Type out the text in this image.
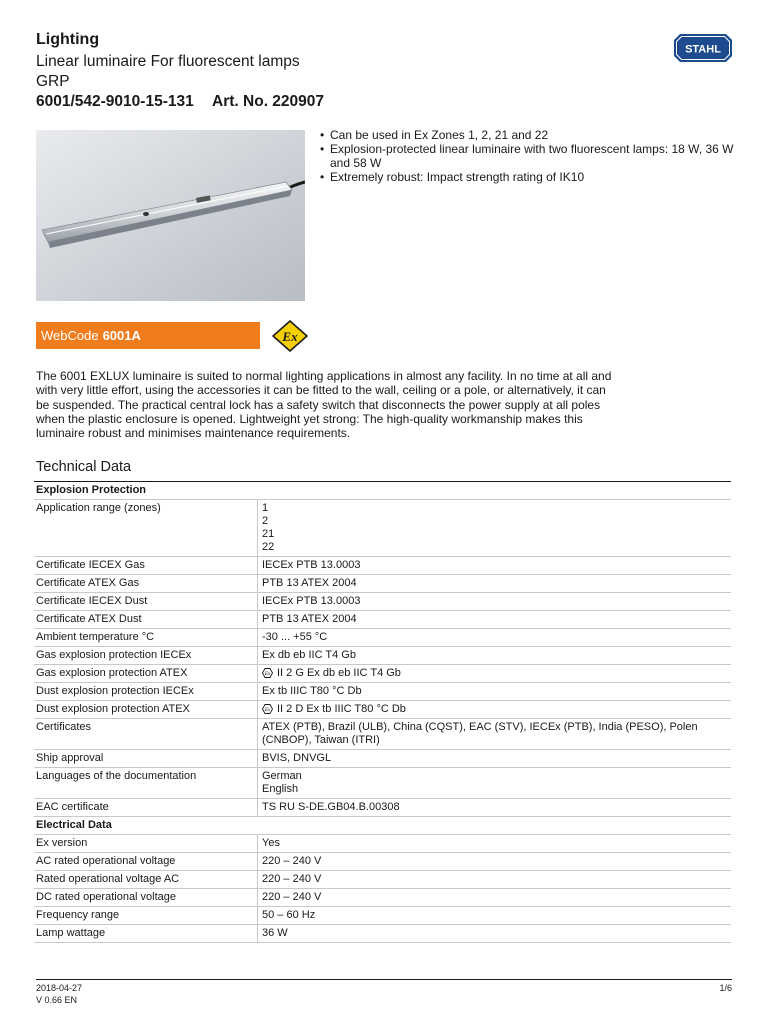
Lighting
Linear luminaire For fluorescent lamps
GRP
6001/542-9010-15-131 Art. No. 220907
STAHL
• Can be used in Ex Zones 1, 2, 21 and 22
• Explosion-protected linear luminaire with two fluorescent lamps: 18 W, 36 W and 58 W
• Extremely robust: Impact strength rating of IK10
WebCode 6001A	Ex
The 6001 EXLUX luminaire is suited to normal lighting applications in almost any facility. In no time at all and with very little effort, using the accessories it can be fitted to the wall, ceiling or a pole, or alternatively, it can be suspended. The practical central lock has a safety switch that disconnects the power supply at all poles when the plastic enclosure is opened. Lightweight yet strong: The high-quality workmanship makes this luminaire robust and minimises maintenance requirements.
Technical Data
Explosion Protection	
Application range (zones)	1
2
21
22

Certificate IECEX Gas	IECEx PTB 13.0003
Certificate ATEX Gas	PTB 13 ATEX 2004
Certificate IECEX Dust	IECEx PTB 13.0003
Certificate ATEX Dust	PTB 13 ATEX 2004
Ambient temperature °C	-30 ... +55 °C
Gas explosion protection IECEx	Ex db eb IIC T4 Gb
Gas explosion protection ATEX	Ex II 2 G Ex db eb IIC T4 Gb
Dust explosion protection IECEx	Ex tb IIIC T80 °C Db
Dust explosion protection ATEX	Ex II 2 D Ex tb IIIC T80 °C Db
Certificates	ATEX (PTB), Brazil (ULB), China (CQST), EAC (STV), IECEx (PTB), India (PESO), Polen (CNBOP), Taiwan (ITRI)
Ship approval	BVIS, DNVGL
Languages of the documentation	German
English

EAC certificate	TS RU S-DE.GB04.B.00308
Electrical Data	
Ex version	Yes
AC rated operational voltage	220 – 240 V
Rated operational voltage AC	220 – 240 V
DC rated operational voltage	220 – 240 V
Frequency range	50 – 60 Hz
Lamp wattage	36 W
2018-04-27
V 0.66 EN
1/6
